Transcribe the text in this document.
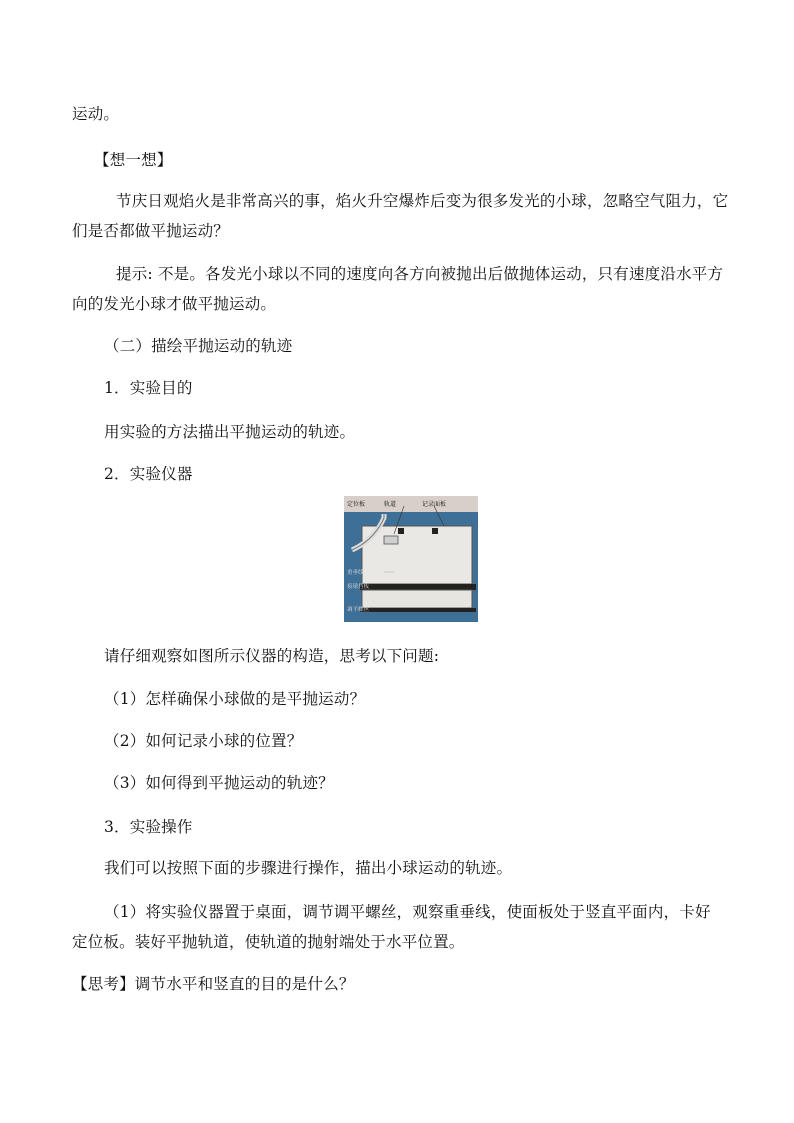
运动。
【想一想】
节庆日观焰火是非常高兴的事，焰火升空爆炸后变为很多发光的小球，忽略空气阻力，它
们是否都做平抛运动？
提示: 不是。各发光小球以不同的速度向各方向被抛出后做抛体运动，只有速度沿水平方
向的发光小球才做平抛运动。
（二）描绘平抛运动的轨迹
1．实验目的
用实验的方法描出平抛运动的轨迹。
2．实验仪器
定位板	轨道	记录面板
重垂线
接球挡板
调平螺丝
请仔细观察如图所示仪器的构造，思考以下问题:
（1）怎样确保小球做的是平抛运动？
（2）如何记录小球的位置？
（3）如何得到平抛运动的轨迹？
3．实验操作
我们可以按照下面的步骤进行操作，描出小球运动的轨迹。
（1）将实验仪器置于桌面，调节调平螺丝，观察重垂线，使面板处于竖直平面内，卡好
定位板。装好平抛轨道，使轨道的抛射端处于水平位置。
【思考】调节水平和竖直的目的是什么？
